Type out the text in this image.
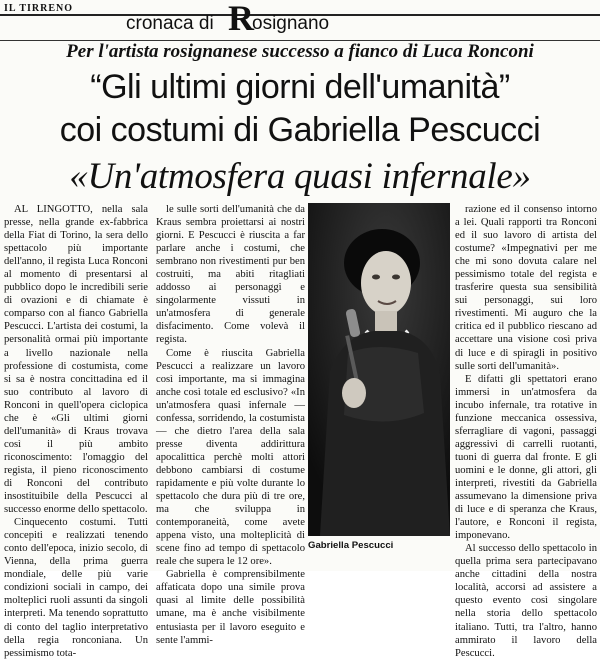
IL TIRRENO
cronaca di R
osignano
Per l'artista rosignanese successo a fianco di Luca Ronconi
“Gli ultimi giorni dell'umanità”
coi costumi di Gabriella Pescucci
«Un'atmosfera quasi infernale»

AL LINGOTTO, nella sala presse, nella grande ex-fabbrica della Fiat di Torino, la sera dello spettacolo più importante dell'anno, il regista Luca Ronconi al momento di presentarsi al pubblico dopo le incredibili serie di ovazioni e di chiamate è comparso con al fianco Gabriella Pescucci. L'artista dei costumi, la personalità ormai più importante a livello nazionale nella professione di costumista, come si sa è nostra concittadina ed il suo contributo al lavoro di Ronconi in quell'opera ciclopica che è «Gli ultimi giorni dell'umanità» di Kraus trovava così il più ambito riconoscimento: l'omaggio del regista, il pieno riconoscimento di Ronconi del contributo insostituibile della Pescucci al successo enorme dello spettacolo.

Cinquecento costumi. Tutti concepiti e realizzati tenendo conto dell'epoca, inizio secolo, di Vienna, della prima guerra mondiale, delle più varie condizioni sociali in campo, dei molteplici ruoli assunti da singoli interpreti. Ma tenendo soprattutto di conto del taglio interpretativo della regia ronconiana. Un pessimismo tota-

le sulle sorti dell'umanità che da Kraus sembra proiettarsi ai nostri giorni. E Pescucci è riuscita a far parlare anche i costumi, che sembrano non rivestimenti pur ben costruiti, ma abiti ritagliati addosso ai personaggi e singolarmente vissuti in un'atmosfera di generale disfacimento. Come volevà il regista.

Come è riuscita Gabriella Pescucci a realizzare un lavoro così importante, ma si immagina anche così totale ed esclusivo? «In un'atmosfera quasi infernale — confessa, sorridendo, la costumista — che dietro l'area della sala presse diventa addirittura apocalittica perchè molti attori debbono cambiarsi di costume rapidamente e più volte durante lo spettacolo che dura più di tre ore, ma che sviluppa in contemporaneità, come avete appena visto, una molteplicità di scene fino ad tempo di spettacolo reale che supera le 12 ore».

Gabriella è comprensibilmente affaticata dopo una simile prova quasi al limite delle possibilità umane, ma è anche visibilmente entusiasta per il lavoro eseguito e sente l'ammi-

Gabriella Pescucci

razione ed il consenso intorno a lei. Quali rapporti tra Ronconi ed il suo lavoro di artista del costume? «Impegnativi per me che mi sono dovuta calare nel pessimismo totale del regista e trasferire questa sua sensibilità sui personaggi, sui loro rivestimenti. Mi auguro che la critica ed il pubblico riescano ad accettare una visione così priva di luce e di spiragli in positivo sulle sorti dell'umanità».

E difatti gli spettatori erano immersi in un'atmosfera da incubo infernale, tra rotative in funzione meccanica ossessiva, sferragliare di vagoni, passaggi aggressivi di carrelli ruotanti, tuoni di guerra dal fronte. E gli uomini e le donne, gli attori, gli interpreti, rivestiti da Gabriella assumevano la dimensione priva di luce e di speranza che Kraus, l'autore, e Ronconi il regista, imponevano.

Al successo dello spettacolo in quella prima sera partecipavano anche cittadini della nostra località, accorsi ad assistere a questo evento così singolare nella storia dello spettacolo italiano. Tutti, tra l'altro, hanno ammirato il lavoro della Pescucci.
